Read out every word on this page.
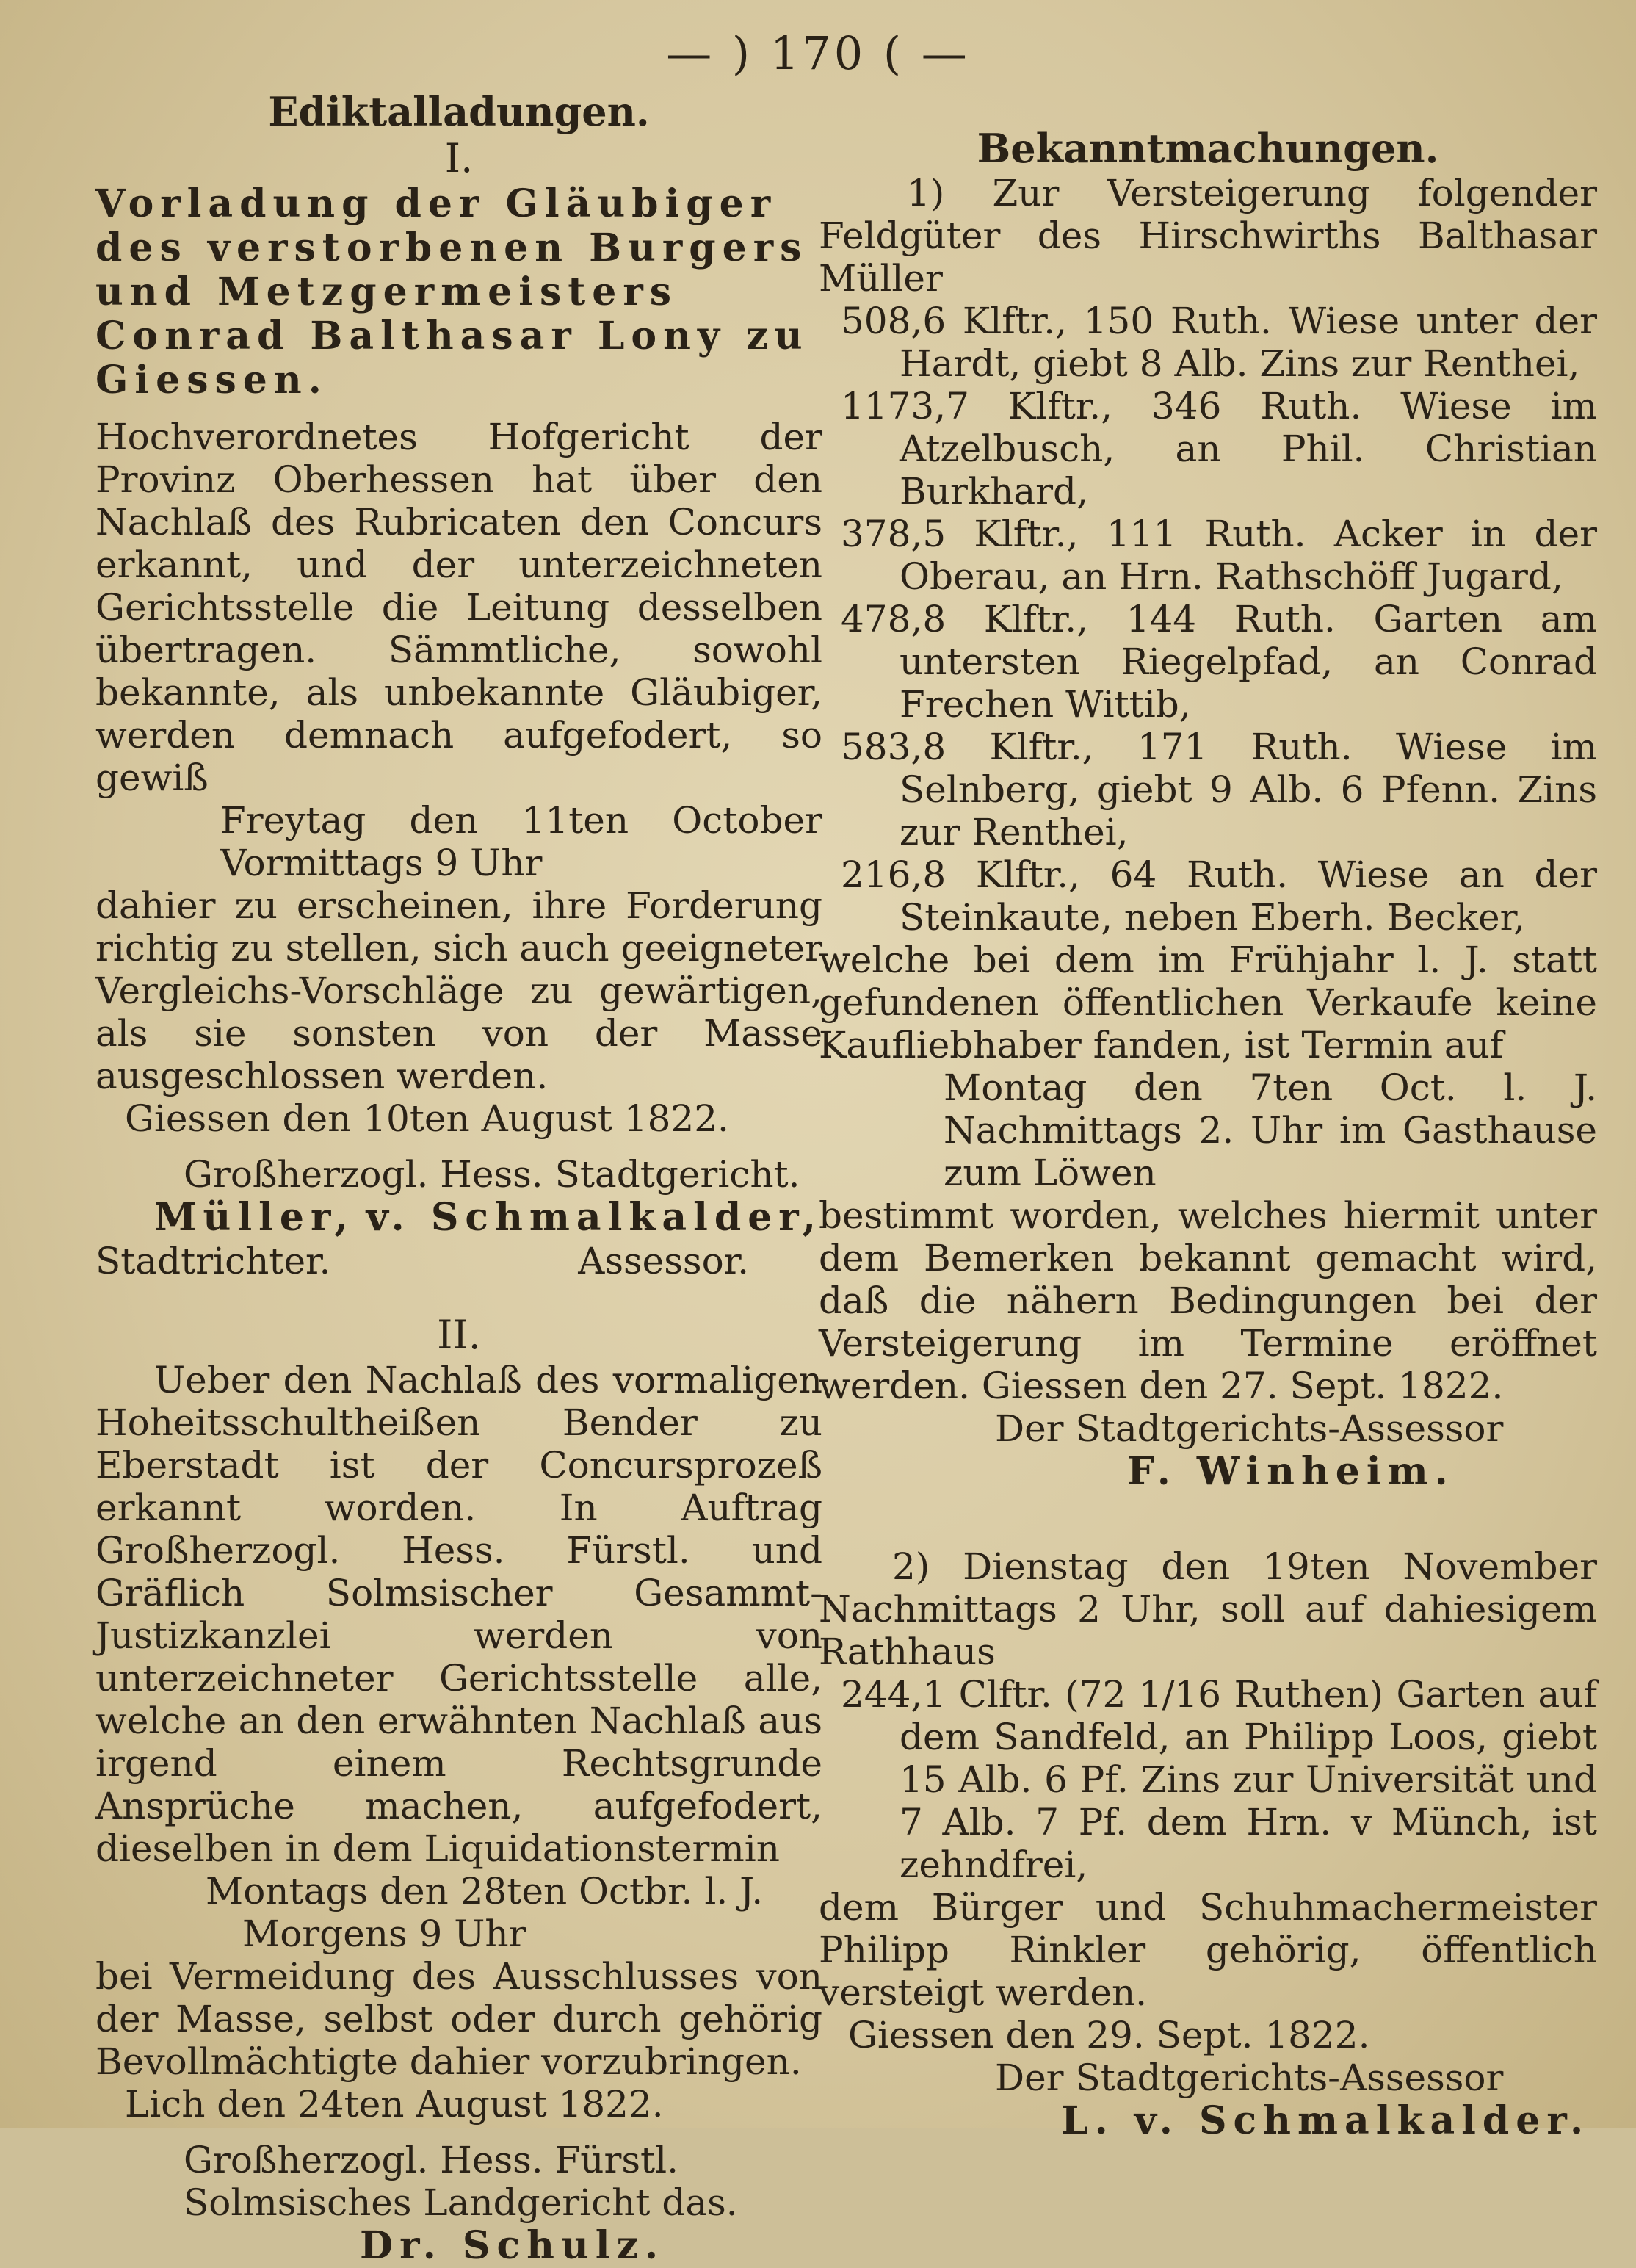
— ) 170 ( —
Ediktalladungen.
I.

Vorladung der Gläubiger des verstorbenen Burgers und Metzgermeisters Conrad Balthasar Lony zu Giessen.

Hochverordnetes Hofgericht der Provinz Oberhessen hat über den Nachlaß des Rubricaten den Concurs erkannt, und der unterzeichneten Gerichtsstelle die Leitung desselben übertragen. Sämmtliche, sowohl bekannte, als unbekannte Gläubiger, werden demnach aufgefodert, so gewiß

Freytag den 11ten October Vormittags 9 Uhr

dahier zu erscheinen, ihre Forderung richtig zu stellen, sich auch geeigneter Vergleichs-Vorschläge zu gewärtigen, als sie sonsten von der Masse ausgeschlossen werden.

Giessen den 10ten August 1822.

Großherzogl. Hess. Stadtgericht.

Müller, v. Schmalkalder,
Stadtrichter.	Assessor.
II.

Ueber den Nachlaß des vormaligen Hoheitsschultheißen Bender zu Eberstadt ist der Concursprozeß erkannt worden. In Auftrag Großherzogl. Hess. Fürstl. und Gräflich Solmsischer Gesammt-Justizkanzlei werden von unterzeichneter Gerichtsstelle alle, welche an den erwähnten Nachlaß aus irgend einem Rechtsgrunde Ansprüche machen, aufgefodert, dieselben in dem Liquidationstermin

Montags den 28ten Octbr. l. J.

Morgens 9 Uhr

bei Vermeidung des Ausschlusses von der Masse, selbst oder durch gehörig Bevollmächtigte dahier vorzubringen.

Lich den 24ten August 1822.

Großherzogl. Hess. Fürstl. Solmsisches Landgericht das.

Dr. Schulz.

Bekanntmachungen.

1) Zur Versteigerung folgender Feldgüter des Hirschwirths Balthasar Müller

508,6 Klftr., 150 Ruth. Wiese unter der Hardt, giebt 8 Alb. Zins zur Renthei,

1173,7 Klftr., 346 Ruth. Wiese im Atzelbusch, an Phil. Christian Burkhard,

378,5 Klftr., 111 Ruth. Acker in der Oberau, an Hrn. Rathschöff Jugard,

478,8 Klftr., 144 Ruth. Garten am untersten Riegelpfad, an Conrad Frechen Wittib,

583,8 Klftr., 171 Ruth. Wiese im Selnberg, giebt 9 Alb. 6 Pfenn. Zins zur Renthei,

216,8 Klftr., 64 Ruth. Wiese an der Steinkaute, neben Eberh. Becker,

welche bei dem im Frühjahr l. J. statt gefundenen öffentlichen Verkaufe keine Kaufliebhaber fanden, ist Termin auf

Montag den 7ten Oct. l. J. Nachmittags 2. Uhr im Gasthause zum Löwen

bestimmt worden, welches hiermit unter dem Bemerken bekannt gemacht wird, daß die nähern Bedingungen bei der Versteigerung im Termine eröffnet werden. Giessen den 27. Sept. 1822.

Der Stadtgerichts-Assessor

F. Winheim.

2) Dienstag den 19ten November Nachmittags 2 Uhr, soll auf dahiesigem Rathhaus

244,1 Clftr. (72 1/16 Ruthen) Garten auf dem Sandfeld, an Philipp Loos, giebt 15 Alb. 6 Pf. Zins zur Universität und 7 Alb. 7 Pf. dem Hrn. v Münch, ist zehndfrei,

dem Bürger und Schuhmachermeister Philipp Rinkler gehörig, öffentlich versteigt werden.

Giessen den 29. Sept. 1822.

Der Stadtgerichts-Assessor

L. v. Schmalkalder.
